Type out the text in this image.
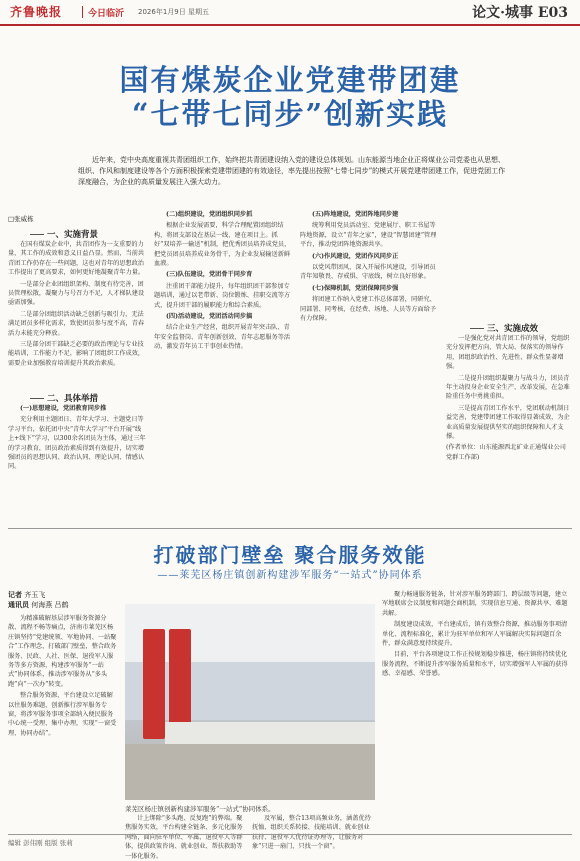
齐鲁晚报	今日临沂 2026年1月9日 星期五	论文·城事 E03
国有煤炭企业党建带团建
“七带七同步”创新实践
近年来，党中央高度重视共青团组织工作，始终把共青团建设纳入党的建设总体规划。山东能源当地企业正将煤业公司党委也从思想、组织、作风和制度建设等各个方面积极探索党建带团建的有效途径，率先提出按照“七带七同步”的模式开展党建带团建工作，促进党团工作深度融合，为企业的高质量发展注入强大动力。
□张威栋
一、实施背景

在国有煤炭企业中，共青团作为一支重要的力量，其工作的成效和意义日益凸显。然而，当前共青团工作仍存在一些问题，这也对青年的思想政治工作提出了更高要求，如何更好地凝聚青年力量。

一是部分企业团组织架构、制度有待完善，团员管理松散，凝聚力与号召力不足，人才梯队建设亟需加强。

二是部分团组织活动缺乏创新与吸引力，无法满足团员多样化需求，致使团员参与度不高，青春活力未能充分释放。

三是部分团干部缺乏必要的政治理论与专业技能培训，工作能力不足，影响了团组织工作成效，需要企业加强教育培训提升其政治素质。

二、具体举措

(一)思想建设，党团教育同步推

充分利用主题团日、青年大学习、主题党日等学习平台，依托团中央“青年大学习”平台开展“线上+线下”学习，以300余名团员为主体，通过三年的学习教育，团员政治素质得到有效提升，切实增强团员的思想认同、政治认同、理论认同、情感认同。

(二)组织建设，党团组织同步抓

根据企业发展需要，科学合理配置团组织结构，将团支部设在基层一线、建在项目上。抓好“双培养一输送”机制，把优秀团员培养成党员，把党员团员培养成业务骨干，为企业发展输送新鲜血液。

(三)队伍建设，党团骨干同步育

注重团干部能力提升，每年组织团干部参加专题培训，通过以老带新、岗位锻炼、挂职交流等方式，提升团干部的履职能力和综合素质。

(四)活动建设，党团活动同步搞

结合企业生产经营，组织开展青年突击队、青年安全监督岗、青年创新创效、青年志愿服务等活动，激发青年员工干事创业热情。

(五)阵地建设，党团阵地同步建

统筹利用党员活动室、党建展厅、职工书屋等阵地资源，设立“青年之家”，建设“智慧团建”管理平台，推动党团阵地资源共享。

(六)作风建设，党团作风同步正

以党风带团风，深入开展作风建设，引导团员青年知敬畏、存戒惧、守底线，树立良好形象。

(七)保障机制，党团保障同步强

将团建工作纳入党建工作总体部署，同研究、同部署、同考核，在经费、场地、人员等方面给予有力保障。

三、实施成效

一是强化党对共青团工作的领导，党组织充分发挥把方向、管大局、保落实的领导作用，团组织政治性、先进性、群众性显著增强。

二是提升团组织凝聚力与战斗力，团员青年主动投身企业安全生产、改革发展，在急难险重任务中勇挑重担。

三是提高青团工作水平，党团联动机制日益完善，党建带团建工作取得显著成效，为企业高质量发展提供坚实的组织保障和人才支撑。

(作者单位：山东能源西北矿业正通煤业公司党群工作部)

打破部门壁垒 聚合服务效能
——莱芜区杨庄镇创新构建涉军服务“一站式”协同体系
记者 齐玉飞
通讯员 何海燕 吕鹤

为精准破解基层涉军服务资源分散、流程不畅等痛点，济南市莱芜区杨庄镇坚持“党建统领、军地协同、一站聚合”工作理念，打破部门壁垒，整合政务服务、民政、人社、医保、退役军人服务等多方资源，构建涉军服务“一站式”协同体系，推动涉军服务从“多头跑”向“一次办”转变。

整合服务资源，平台建设立足破解以往服务难题，创新推行涉军服务专窗，将涉军服务事项全部纳入便民服务中心统一受理、集中办理，实现“一窗受理、协同办结”。

莱芜区杨庄镇创新构建涉军服务“一站式”协同体系。

聚力畅通服务链条，针对涉军服务跨部门、跨层级等问题，建立军地联席会议制度和问题会商机制，实现信息互通、资源共享、难题共解。

制度建设成效，平台建成后，镇有效整合资源，推动服务事项清单化、流程标准化，累计为驻军单位和军人军属解决实际问题百余件，群众满意度持续提升。

目前，平台各项建设工作正按规划稳步推进，杨庄镇将持续优化服务流程，不断提升涉军服务质量和水平，切实增强军人军属的获得感、幸福感、荣誉感。

计上绑除“多头跑、反复跑”的弊端。聚焦服务实效，平台构建全链条、多元化服务网络，面向驻军单位、军属、退役军人等群体，提供政策咨询、就业创业、帮扶救助等一体化服务。

及军属，整合13项高频业务，涵盖优待抚恤、组织关系转接、技能培训、就业创业扶持、退役军人优待证办理等，让服务对象“只进一扇门、只找一个窗”。

编辑 彭伟刚 组版 张莉
